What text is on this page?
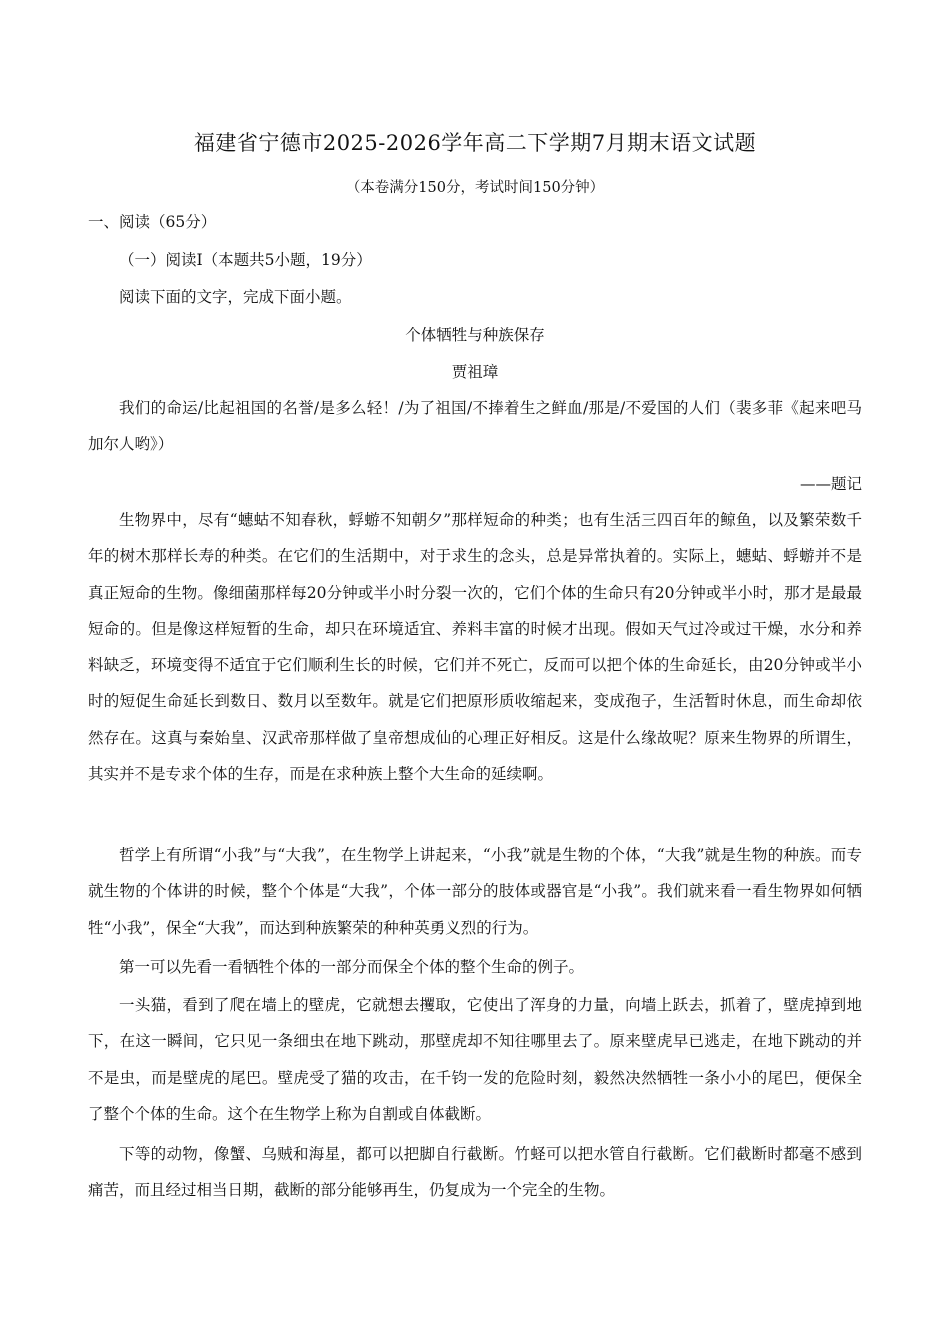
福建省宁德市2025-2026学年高二下学期7月期末语文试题
（本卷满分150分，考试时间150分钟）
一、阅读（65分）
（一）阅读Ⅰ（本题共5小题，19分）
阅读下面的文字，完成下面小题。
个体牺牲与种族保存
贾祖璋

我们的命运/比起祖国的名誉/是多么轻！/为了祖国/不捧着生之鲜血/那是/不爱国的人们（裴多菲《起来吧马加尔人哟》）

——题记

生物界中，尽有“蟪蛄不知春秋，蜉蝣不知朝夕”那样短命的种类；也有生活三四百年的鲸鱼，以及繁荣数千年的树木那样长寿的种类。在它们的生活期中，对于求生的念头，总是异常执着的。实际上，蟪蛄、蜉蝣并不是真正短命的生物。像细菌那样每20分钟或半小时分裂一次的，它们个体的生命只有20分钟或半小时，那才是最最短命的。但是像这样短暂的生命，却只在环境适宜、养料丰富的时候才出现。假如天气过冷或过干燥，水分和养料缺乏，环境变得不适宜于它们顺利生长的时候，它们并不死亡，反而可以把个体的生命延长，由20分钟或半小时的短促生命延长到数日、数月以至数年。就是它们把原形质收缩起来，变成孢子，生活暂时休息，而生命却依然存在。这真与秦始皇、汉武帝那样做了皇帝想成仙的心理正好相反。这是什么缘故呢？原来生物界的所谓生，其实并不是专求个体的生存，而是在求种族上整个大生命的延续啊。

哲学上有所谓“小我”与“大我”，在生物学上讲起来，“小我”就是生物的个体，“大我”就是生物的种族。而专就生物的个体讲的时候，整个个体是“大我”，个体一部分的肢体或器官是“小我”。我们就来看一看生物界如何牺牲“小我”，保全“大我”，而达到种族繁荣的种种英勇义烈的行为。

第一可以先看一看牺牲个体的一部分而保全个体的整个生命的例子。

一头猫，看到了爬在墙上的壁虎，它就想去攫取，它使出了浑身的力量，向墙上跃去，抓着了，壁虎掉到地下，在这一瞬间，它只见一条细虫在地下跳动，那壁虎却不知往哪里去了。原来壁虎早已逃走，在地下跳动的并不是虫，而是壁虎的尾巴。壁虎受了猫的攻击，在千钧一发的危险时刻，毅然决然牺牲一条小小的尾巴，便保全了整个个体的生命。这个在生物学上称为自割或自体截断。

下等的动物，像蟹、乌贼和海星，都可以把脚自行截断。竹蛏可以把水管自行截断。它们截断时都毫不感到痛苦，而且经过相当日期，截断的部分能够再生，仍复成为一个完全的生物。
